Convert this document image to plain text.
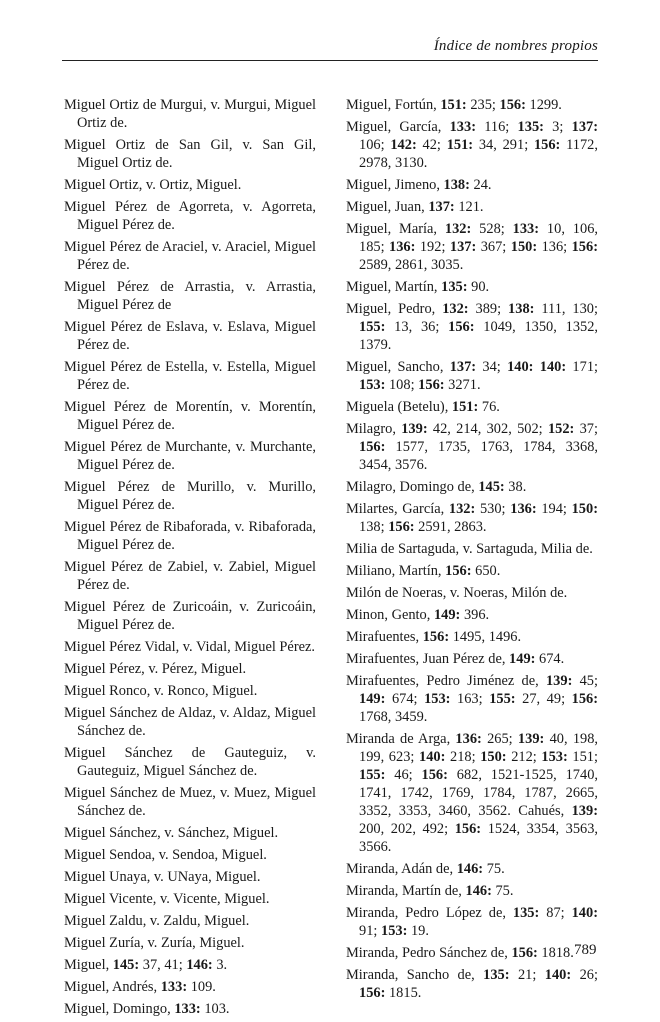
Índice de nombres propios
Miguel Ortiz de Murgui, v. Murgui, Miguel Ortiz de.
Miguel Ortiz de San Gil, v. San Gil, Miguel Ortiz de.
Miguel Ortiz, v. Ortiz, Miguel.
Miguel Pérez de Agorreta, v. Agorreta, Miguel Pérez de.
Miguel Pérez de Araciel, v. Araciel, Miguel Pérez de.
Miguel Pérez de Arrastia, v. Arrastia, Miguel Pérez de
Miguel Pérez de Eslava, v. Eslava, Miguel Pérez de.
Miguel Pérez de Estella, v. Estella, Miguel Pérez de.
Miguel Pérez de Morentín, v. Morentín, Miguel Pérez de.
Miguel Pérez de Murchante, v. Murchante, Miguel Pérez de.
Miguel Pérez de Murillo, v. Murillo, Miguel Pérez de.
Miguel Pérez de Ribaforada, v. Ribaforada, Miguel Pérez de.
Miguel Pérez de Zabiel, v. Zabiel, Miguel Pérez de.
Miguel Pérez de Zuricoáin, v. Zuricoáin, Miguel Pérez de.
Miguel Pérez Vidal, v. Vidal, Miguel Pérez.
Miguel Pérez, v. Pérez, Miguel.
Miguel Ronco, v. Ronco, Miguel.
Miguel Sánchez de Aldaz, v. Aldaz, Miguel Sánchez de.
Miguel Sánchez de Gauteguiz, v. Gauteguiz, Miguel Sánchez de.
Miguel Sánchez de Muez, v. Muez, Miguel Sánchez de.
Miguel Sánchez, v. Sánchez, Miguel.
Miguel Sendoa, v. Sendoa, Miguel.
Miguel Unaya, v. UNaya, Miguel.
Miguel Vicente, v. Vicente, Miguel.
Miguel Zaldu, v. Zaldu, Miguel.
Miguel Zuría, v. Zuría, Miguel.
Miguel, 145: 37, 41; 146: 3.
Miguel, Andrés, 133: 109.
Miguel, Domingo, 133: 103.
Miguel, Fortún, 151: 235; 156: 1299.
Miguel, García, 133: 116; 135: 3; 137: 106; 142: 42; 151: 34, 291; 156: 1172, 2978, 3130.
Miguel, Jimeno, 138: 24.
Miguel, Juan, 137: 121.
Miguel, María, 132: 528; 133: 10, 106, 185; 136: 192; 137: 367; 150: 136; 156: 2589, 2861, 3035.
Miguel, Martín, 135: 90.
Miguel, Pedro, 132: 389; 138: 111, 130; 155: 13, 36; 156: 1049, 1350, 1352, 1379.
Miguel, Sancho, 137: 34; 140: 140: 171; 153: 108; 156: 3271.
Miguela (Betelu), 151: 76.
Milagro, 139: 42, 214, 302, 502; 152: 37; 156: 1577, 1735, 1763, 1784, 3368, 3454, 3576.
Milagro, Domingo de, 145: 38.
Milartes, García, 132: 530; 136: 194; 150: 138; 156: 2591, 2863.
Milia de Sartaguda, v. Sartaguda, Milia de.
Miliano, Martín, 156: 650.
Milón de Noeras, v. Noeras, Milón de.
Minon, Gento, 149: 396.
Mirafuentes, 156: 1495, 1496.
Mirafuentes, Juan Pérez de, 149: 674.
Mirafuentes, Pedro Jiménez de, 139: 45; 149: 674; 153: 163; 155: 27, 49; 156: 1768, 3459.
Miranda de Arga, 136: 265; 139: 40, 198, 199, 623; 140: 218; 150: 212; 153: 151; 155: 46; 156: 682, 1521-1525, 1740, 1741, 1742, 1769, 1784, 1787, 2665, 3352, 3353, 3460, 3562. Cahués, 139: 200, 202, 492; 156: 1524, 3354, 3563, 3566.
Miranda, Adán de, 146: 75.
Miranda, Martín de, 146: 75.
Miranda, Pedro López de, 135: 87; 140: 91; 153: 19.
Miranda, Pedro Sánchez de, 156: 1818.
Miranda, Sancho de, 135: 21; 140: 26; 156: 1815.
789
